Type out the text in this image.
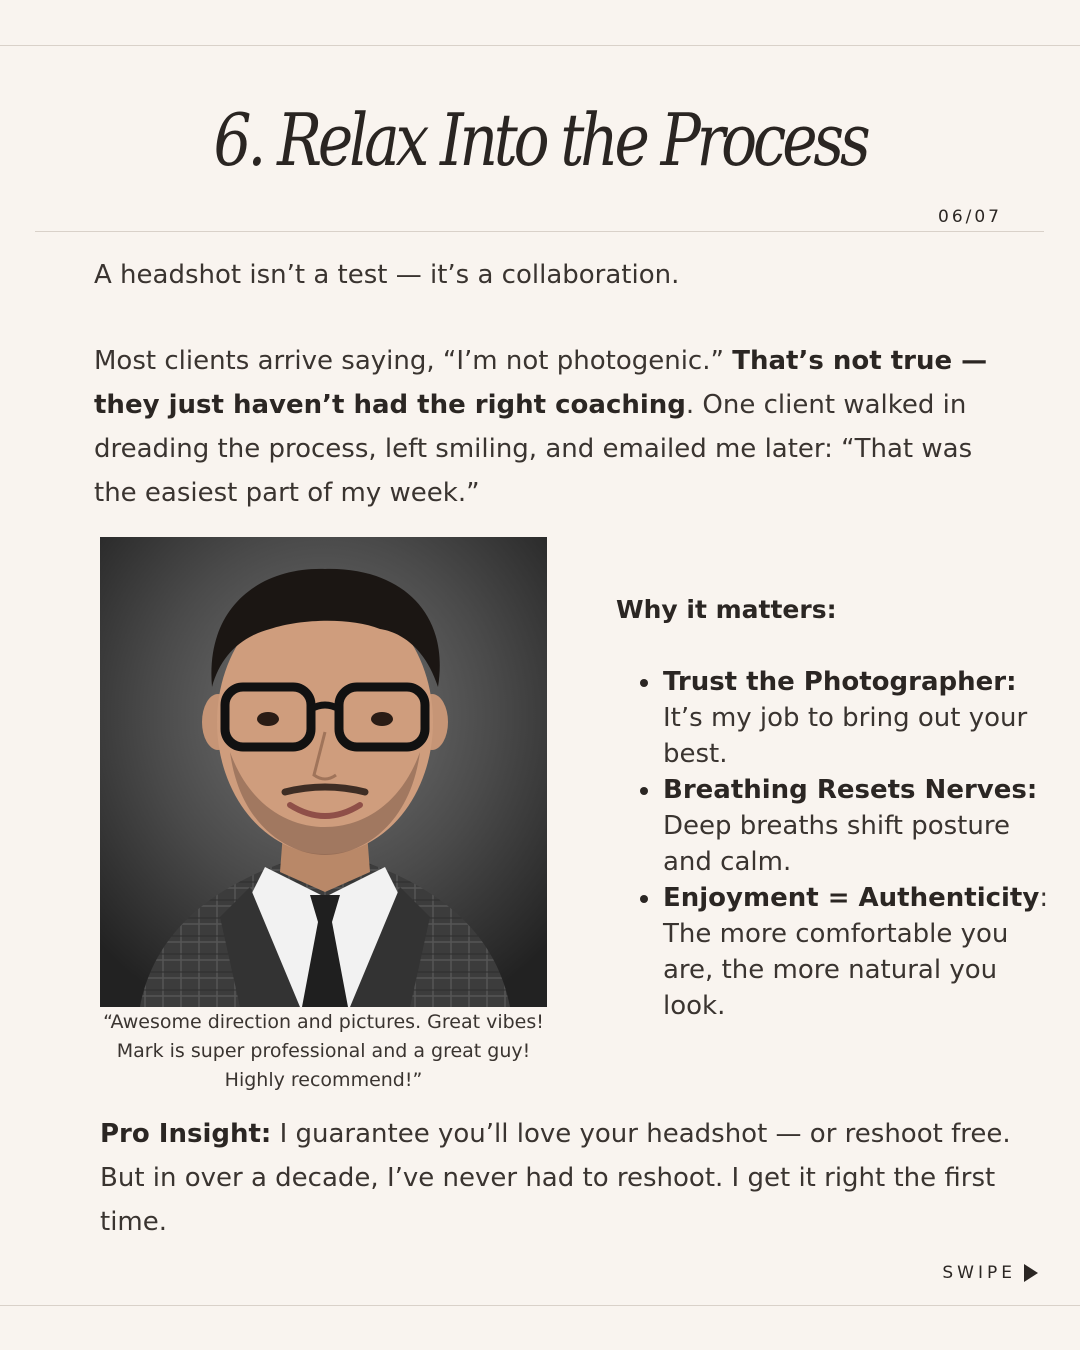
6. Relax Into the Process
06/07

A headshot isn’t a test — it’s a collaboration.

Most clients arrive saying, “I’m not photogenic.” That’s not true — they just haven’t had the right coaching. One client walked in dreading the process, left smiling, and emailed me later: “That was the easiest part of my week.”

“Awesome direction and pictures. Great vibes! Mark is super professional and a great guy! Highly recommend!”

Why it matters:
Trust the Photographer: It’s my job to bring out your best.
Breathing Resets Nerves: Deep breaths shift posture and calm.
Enjoyment = Authenticity: The more comfortable you are, the more natural you look.

Pro Insight: I guarantee you’ll love your headshot — or reshoot free. But in over a decade, I’ve never had to reshoot. I get it right the first time.

SWIPE
